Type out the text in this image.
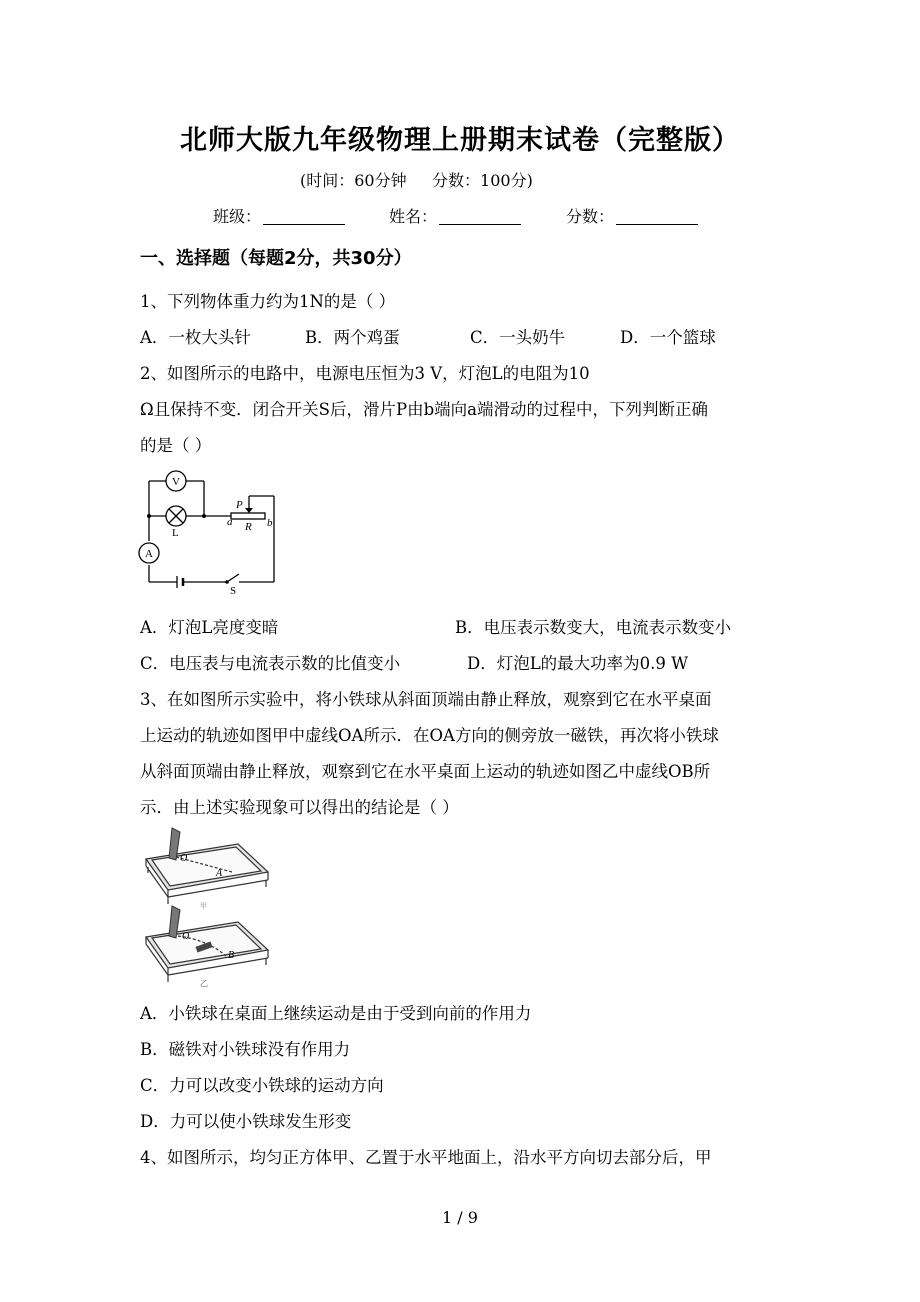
北师大版九年级物理上册期末试卷（完整版）
(时间：60分钟     分数：100分)
班级：	姓名：	分数：
一、选择题（每题2分，共30分）
1、下列物体重力约为1N的是（ ）
A．一枚大头针	B．两个鸡蛋	C．一头奶牛	D．一个篮球
2、如图所示的电路中，电源电压恒为3 V，灯泡L的电阻为10
Ω且保持不变．闭合开关S后，滑片P由b端向a端滑动的过程中，下列判断正确
的是（ ）
V
L
A
P
a R b
S
A．灯泡L亮度变暗	B．电压表示数变大，电流表示数变小
C．电压表与电流表示数的比值变小	D．灯泡L的最大功率为0.9 W
3、在如图所示实验中，将小铁球从斜面顶端由静止释放，观察到它在水平桌面
上运动的轨迹如图甲中虚线OA所示．在OA方向的侧旁放一磁铁，再次将小铁球
从斜面顶端由静止释放，观察到它在水平桌面上运动的轨迹如图乙中虚线OB所
示．由上述实验现象可以得出的结论是（ ）
O
A
甲
O
B
乙
A．小铁球在桌面上继续运动是由于受到向前的作用力
B．磁铁对小铁球没有作用力
C．力可以改变小铁球的运动方向
D．力可以使小铁球发生形变
4、如图所示，均匀正方体甲、乙置于水平地面上，沿水平方向切去部分后，甲
1 / 9
